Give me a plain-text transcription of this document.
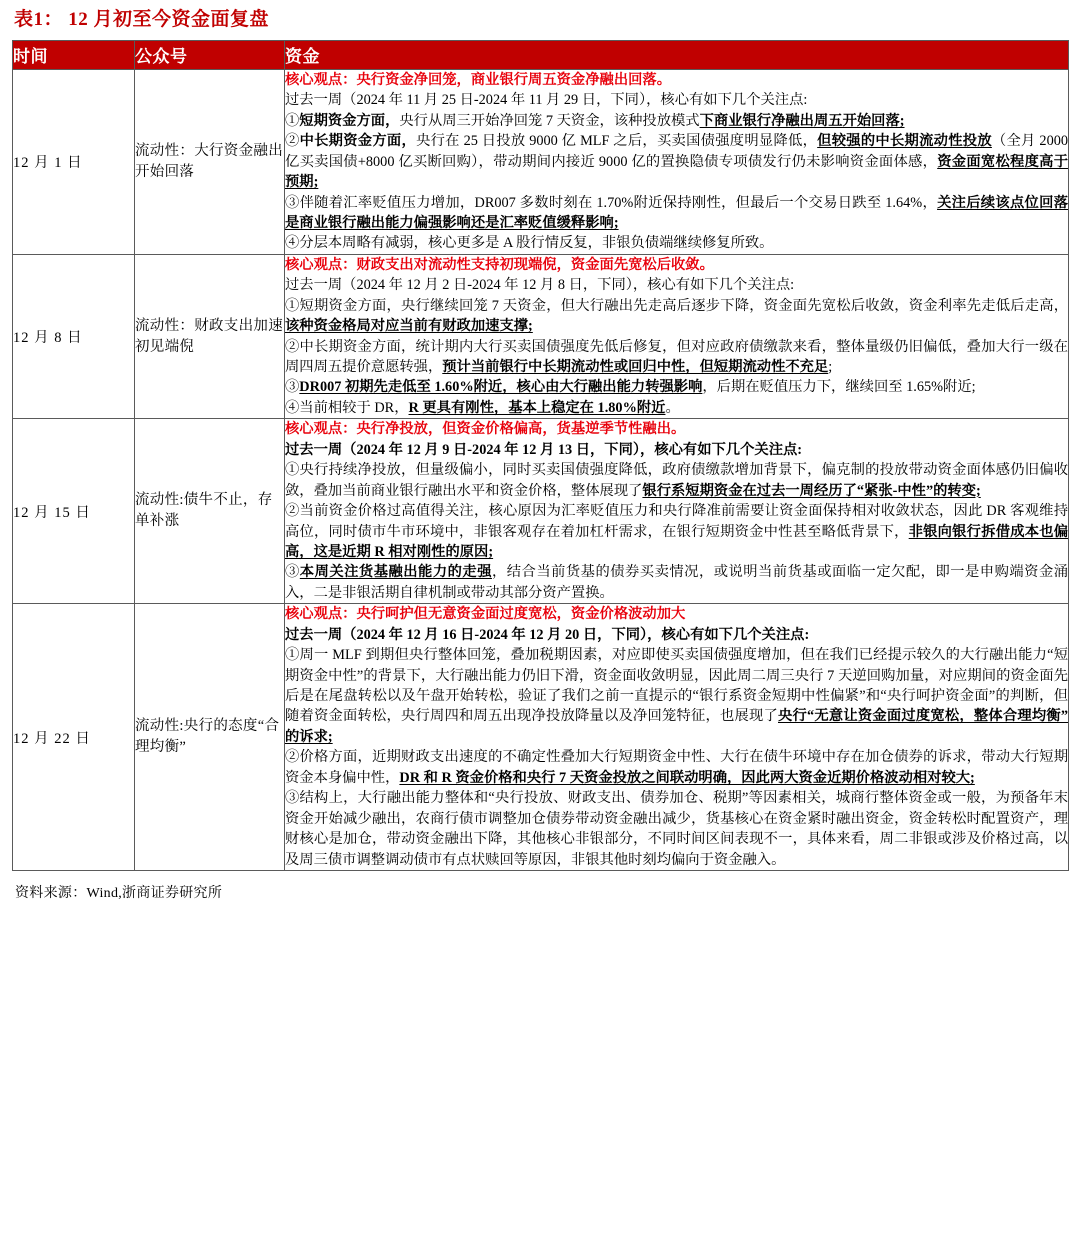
表1： 12 月初至今资金面复盘
时间	公众号	资金
12 月 1 日	流动性：大行资金融出开始回落	
核心观点：央行资金净回笼，商业银行周五资金净融出回落。
过去一周（2024 年 11 月 25 日-2024 年 11 月 29 日，下同），核心有如下几个关注点:
①短期资金方面，央行从周三开始净回笼 7 天资金，该种投放模式下商业银行净融出周五开始回落;
②中长期资金方面，央行在 25 日投放 9000 亿 MLF 之后，买卖国债强度明显降低，但较强的中长期流动性投放（全月 2000 亿买卖国债+8000 亿买断回购），带动期间内接近 9000 亿的置换隐债专项债发行仍未影响资金面体感，资金面宽松程度高于预期;
③伴随着汇率贬值压力增加，DR007 多数时刻在 1.70%附近保持刚性，但最后一个交易日跌至 1.64%，关注后续该点位回落是商业银行融出能力偏强影响还是汇率贬值缓释影响;
④分层本周略有减弱，核心更多是 A 股行情反复，非银负债端继续修复所致。

12 月 8 日	流动性：财政支出加速初见端倪	
核心观点：财政支出对流动性支持初现端倪，资金面先宽松后收敛。
过去一周（2024 年 12 月 2 日-2024 年 12 月 8 日，下同），核心有如下几个关注点:
①短期资金方面，央行继续回笼 7 天资金，但大行融出先走高后逐步下降，资金面先宽松后收敛，资金利率先走低后走高，该种资金格局对应当前有财政加速支撑;
②中长期资金方面，统计期内大行买卖国债强度先低后修复，但对应政府债缴款来看，整体量级仍旧偏低，叠加大行一级在周四周五提价意愿转强，预计当前银行中长期流动性或回归中性，但短期流动性不充足;
③DR007 初期先走低至 1.60%附近，核心由大行融出能力转强影响，后期在贬值压力下，继续回至 1.65%附近;
④当前相较于 DR，R 更具有刚性，基本上稳定在 1.80%附近。

12 月 15 日	流动性:债牛不止，存单补涨	核心观点：央行净投放，但资金价格偏高，货基逆季节性融出。
过去一周（2024 年 12 月 9 日-2024 年 12 月 13 日，下同），核心有如下几个关注点:
①央行持续净投放，但量级偏小，同时买卖国债强度降低，政府债缴款增加背景下，偏克制的投放带动资金面体感仍旧偏收敛，叠加当前商业银行融出水平和资金价格，整体展现了银行系短期资金在过去一周经历了“紧张-中性”的转变;
②当前资金价格过高值得关注，核心原因为汇率贬值压力和央行降准前需要让资金面保持相对收敛状态，因此 DR 客观维持高位，同时债市牛市环境中，非银客观存在着加杠杆需求，在银行短期资金中性甚至略低背景下，非银向银行拆借成本也偏高，这是近期 R 相对刚性的原因;
③本周关注货基融出能力的走强，结合当前货基的债券买卖情况，或说明当前货基或面临一定欠配，即一是申购端资金涌入，二是非银活期自律机制或带动其部分资产置换。

12 月 22 日	流动性:央行的态度“合理均衡”	核心观点：央行呵护但无意资金面过度宽松，资金价格波动加大
过去一周（2024 年 12 月 16 日-2024 年 12 月 20 日，下同），核心有如下几个关注点:
①周一 MLF 到期但央行整体回笼，叠加税期因素，对应即使买卖国债强度增加，但在我们已经提示较久的大行融出能力“短期资金中性”的背景下，大行融出能力仍旧下滑，资金面收敛明显，因此周二周三央行 7 天逆回购加量，对应期间的资金面先后是在尾盘转松以及午盘开始转松，验证了我们之前一直提示的“银行系资金短期中性偏紧”和“央行呵护资金面”的判断，但随着资金面转松，央行周四和周五出现净投放降量以及净回笼特征，也展现了央行“无意让资金面过度宽松，整体合理均衡”的诉求;
②价格方面，近期财政支出速度的不确定性叠加大行短期资金中性、大行在债牛环境中存在加仓债券的诉求，带动大行短期资金本身偏中性，DR 和 R 资金价格和央行 7 天资金投放之间联动明确，因此两大资金近期价格波动相对较大;
③结构上，大行融出能力整体和“央行投放、财政支出、债券加仓、税期”等因素相关，城商行整体资金或一般，为预备年末资金开始减少融出，农商行债市调整加仓债券带动资金融出减少，货基核心在资金紧时融出资金，资金转松时配置资产，理财核心是加仓，带动资金融出下降，其他核心非银部分，不同时间区间表现不一，具体来看，周二非银或涉及价格过高，以及周三债市调整调动债市有点状赎回等原因，非银其他时刻均偏向于资金融入。
资料来源：Wind,浙商证券研究所
